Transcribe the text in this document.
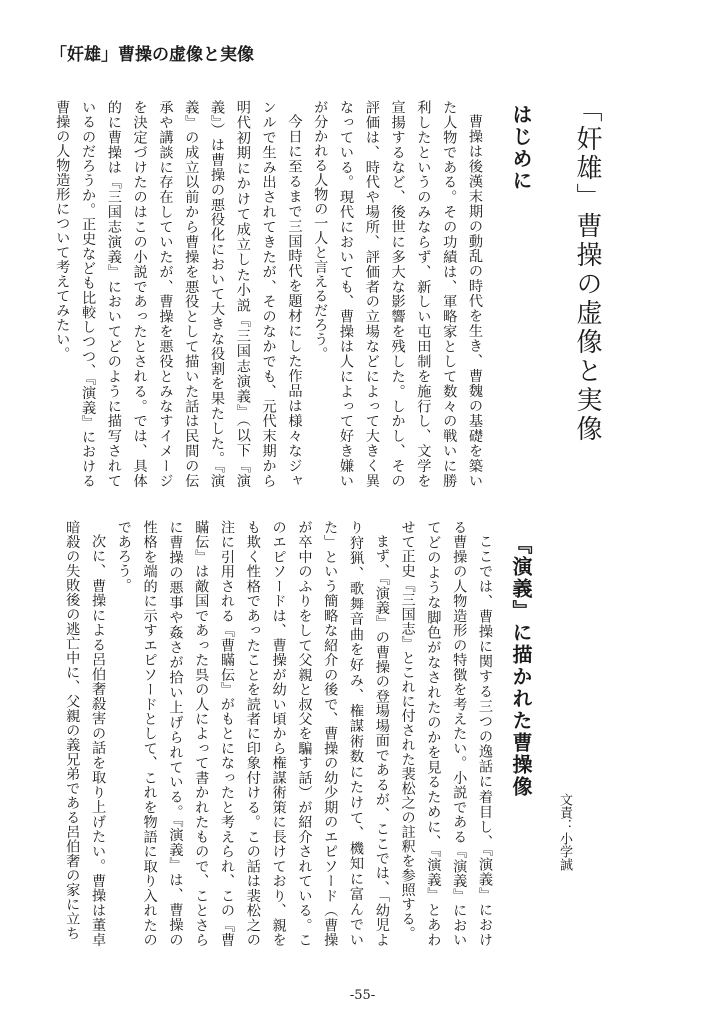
「奸雄」曹操の虚像と実像
「奸雄」曹操の虚像と実像
はじめに

曹操は後漢末期の動乱の時代を生き、曹魏の基礎を築いた人物である。その功績は、軍略家として数々の戦いに勝利したというのみならず、新しい屯田制を施行し、文学を宣揚するなど、後世に多大な影響を残した。しかし、その評価は、時代や場所、評価者の立場などによって大きく異なっている。現代においても、曹操は人によって好き嫌いが分かれる人物の一人と言えるだろう。

今日に至るまで三国時代を題材にした作品は様々なジャンルで生み出されてきたが、そのなかでも、元代末期から明代初期にかけて成立した小説『三国志演義』（以下『演義』）は曹操の悪役化において大きな役割を果たした。『演義』の成立以前から曹操を悪役として描いた話は民間の伝承や講談に存在していたが、曹操を悪役とみなすイメージを決定づけたのはこの小説であったとされる。では、具体的に曹操は『三国志演義』においてどのように描写されているのだろうか。正史なども比較しつつ、『演義』における曹操の人物造形について考えてみたい。

『演義』に描かれた曹操像
文責：小学誠

ここでは、曹操に関する三つの逸話に着目し、『演義』における曹操の人物造形の特徴を考えたい。小説である『演義』においてどのような脚色がなされたのかを見るために、『演義』とあわせて正史『三国志』とこれに付された裴松之の註釈を参照する。

まず、『演義』の曹操の登場場面であるが、ここでは、「幼児より狩猟、歌舞音曲を好み、権謀術数にたけて、機知に富んでいた」という簡略な紹介の後で、曹操の幼少期のエピソード（曹操が卒中のふりをして父親と叔父を騙す話）が紹介されている。このエピソードは、曹操が幼い頃から権謀術策に長けており、親をも欺く性格であったことを読者に印象付ける。この話は裴松之の注に引用される『曹瞞伝』がもとになったと考えられ、この『曹瞞伝』は敵国であった呉の人によって書かれたもので、ことさらに曹操の悪事や姦さが拾い上げられている。『演義』は、曹操の性格を端的に示すエピソードとして、これを物語に取り入れたのであろう。

次に、曹操による呂伯奢殺害の話を取り上げたい。曹操は董卓暗殺の失敗後の逃亡中に、父親の義兄弟である呂伯奢の家に立ち

-55-
